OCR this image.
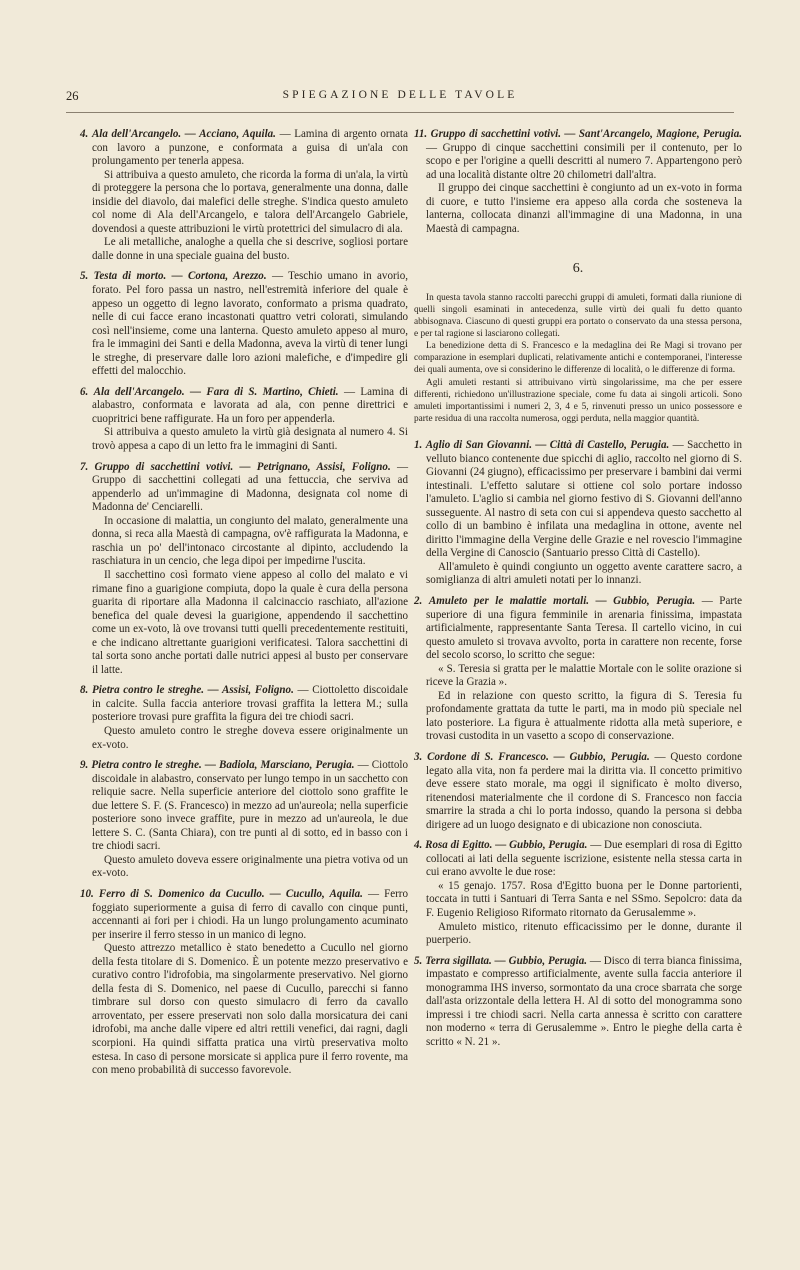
26	SPIEGAZIONE DELLE TAVOLE

4. Ala dell'Arcangelo. — Acciano, Aquila. — Lamina di argento ornata con lavoro a punzone, e conformata a guisa di un'ala con prolungamento per tenerla appesa.

Si attribuiva a questo amuleto, che ricorda la forma di un'ala, la virtù di proteggere la persona che lo portava, generalmente una donna, dalle insidie del diavolo, dai malefici delle streghe. S'indica questo amuleto col nome di Ala dell'Arcangelo, e talora dell'Arcangelo Gabriele, dovendosi a queste attribuzioni le virtù protettrici del simulacro di ala.

Le ali metalliche, analoghe a quella che si descrive, sogliosi portare dalle donne in una speciale guaina del busto.

5. Testa di morto. — Cortona, Arezzo. — Teschio umano in avorio, forato. Pel foro passa un nastro, nell'estremità inferiore del quale è appeso un oggetto di legno lavorato, conformato a prisma quadrato, nelle di cui facce erano incastonati quattro vetri colorati, simulando così nell'insieme, come una lanterna. Questo amuleto appeso al muro, fra le immagini dei Santi e della Madonna, aveva la virtù di tener lungi le streghe, di preservare dalle loro azioni malefiche, e d'impedire gli effetti del malocchio.

6. Ala dell'Arcangelo. — Fara di S. Martino, Chieti. — Lamina di alabastro, conformata e lavorata ad ala, con penne direttrici e cuopritrici bene raffigurate. Ha un foro per appenderla.

Si attribuiva a questo amuleto la virtù già designata al numero 4. Si trovò appesa a capo di un letto fra le immagini di Santi.

7. Gruppo di sacchettini votivi. — Petrignano, Assisi, Foligno. — Gruppo di sacchettini collegati ad una fettuccia, che serviva ad appenderlo ad un'immagine di Madonna, designata col nome di Madonna de' Cenciarelli.

In occasione di malattia, un congiunto del malato, generalmente una donna, si reca alla Maestà di campagna, ov'è raffigurata la Madonna, e raschia un po' dell'intonaco circostante al dipinto, accludendo la raschiatura in un cencio, che lega dipoi per impedirne l'uscita.

Il sacchettino così formato viene appeso al collo del malato e vi rimane fino a guarigione compiuta, dopo la quale è cura della persona guarita di riportare alla Madonna il calcinaccio raschiato, all'azione benefica del quale devesi la guarigione, appendendo il sacchettino come un ex-voto, là ove trovansi tutti quelli precedentemente restituiti, e che indicano altrettante guarigioni verificatesi. Talora sacchettini di tal sorta sono anche portati dalle nutrici appesi al busto per conservare il latte.

8. Pietra contro le streghe. — Assisi, Foligno. — Ciottoletto discoidale in calcite. Sulla faccia anteriore trovasi graffita la lettera M.; sulla posteriore trovasi pure graffita la figura dei tre chiodi sacri.

Questo amuleto contro le streghe doveva essere originalmente un ex-voto.

9. Pietra contro le streghe. — Badiola, Marsciano, Perugia. — Ciottolo discoidale in alabastro, conservato per lungo tempo in un sacchetto con reliquie sacre. Nella superficie anteriore del ciottolo sono graffite le due lettere S. F. (S. Francesco) in mezzo ad un'aureola; nella superficie posteriore sono invece graffite, pure in mezzo ad un'aureola, le due lettere S. C. (Santa Chiara), con tre punti al di sotto, ed in basso con i tre chiodi sacri.

Questo amuleto doveva essere originalmente una pietra votiva od un ex-voto.

10. Ferro di S. Domenico da Cucullo. — Cucullo, Aquila. — Ferro foggiato superiormente a guisa di ferro di cavallo con cinque punti, accennanti ai fori per i chiodi. Ha un lungo prolungamento acuminato per inserire il ferro stesso in un manico di legno.

Questo attrezzo metallico è stato benedetto a Cucullo nel giorno della festa titolare di S. Domenico. È un potente mezzo preservativo e curativo contro l'idrofobia, ma singolarmente preservativo. Nel giorno della festa di S. Domenico, nel paese di Cucullo, parecchi si fanno timbrare sul dorso con questo simulacro di ferro da cavallo arroventato, per essere preservati non solo dalla morsicatura dei cani idrofobi, ma anche dalle vipere ed altri rettili venefici, dai ragni, dagli scorpioni. Ha quindi siffatta pratica una virtù preservativa molto estesa. In caso di persone morsicate si applica pure il ferro rovente, ma con meno probabilità di successo favorevole.

11. Gruppo di sacchettini votivi. — Sant'Arcangelo, Magione, Perugia. — Gruppo di cinque sacchettini consimili per il contenuto, per lo scopo e per l'origine a quelli descritti al numero 7. Appartengono però ad una località distante oltre 20 chilometri dall'altra.

Il gruppo dei cinque sacchettini è congiunto ad un ex-voto in forma di cuore, e tutto l'insieme era appeso alla corda che sosteneva la lanterna, collocata dinanzi all'immagine di una Madonna, in una Maestà di campagna.

6.

In questa tavola stanno raccolti parecchi gruppi di amuleti, formati dalla riunione di quelli singoli esaminati in antecedenza, sulle virtù dei quali fu detto quanto abbisognava. Ciascuno di questi gruppi era portato o conservato da una stessa persona, e per tal ragione si lasciarono collegati.

La benedizione detta di S. Francesco e la medaglina dei Re Magi si trovano per comparazione in esemplari duplicati, relativamente antichi e contemporanei, l'interesse dei quali aumenta, ove si considerino le differenze di località, o le differenze di forma.

Agli amuleti restanti si attribuivano virtù singolarissime, ma che per essere differenti, richiedono un'illustrazione speciale, come fu data ai singoli articoli. Sono amuleti importantissimi i numeri 2, 3, 4 e 5, rinvenuti presso un unico possessore e parte residua di una raccolta numerosa, oggi perduta, nella maggior quantità.

1. Aglio di San Giovanni. — Città di Castello, Perugia. — Sacchetto in velluto bianco contenente due spicchi di aglio, raccolto nel giorno di S. Giovanni (24 giugno), efficacissimo per preservare i bambini dai vermi intestinali. L'effetto salutare si ottiene col solo portare indosso l'amuleto. L'aglio si cambia nel giorno festivo di S. Giovanni dell'anno susseguente. Al nastro di seta con cui si appendeva questo sacchetto al collo di un bambino è infilata una medaglina in ottone, avente nel diritto l'immagine della Vergine delle Grazie e nel rovescio l'immagine della Vergine di Canoscio (Santuario presso Città di Castello).

All'amuleto è quindi congiunto un oggetto avente carattere sacro, a somiglianza di altri amuleti notati per lo innanzi.

2. Amuleto per le malattie mortali. — Gubbio, Perugia. — Parte superiore di una figura femminile in arenaria finissima, impastata artificialmente, rappresentante Santa Teresa. Il cartello vicino, in cui questo amuleto si trovava avvolto, porta in carattere non recente, forse del secolo scorso, lo scritto che segue:

« S. Teresia si gratta per le malattie Mortale con le solite orazione si riceve la Grazia ».

Ed in relazione con questo scritto, la figura di S. Teresia fu profondamente grattata da tutte le parti, ma in modo più speciale nel lato posteriore. La figura è attualmente ridotta alla metà superiore, e trovasi custodita in un vasetto a scopo di conservazione.

3. Cordone di S. Francesco. — Gubbio, Perugia. — Questo cordone legato alla vita, non fa perdere mai la diritta via. Il concetto primitivo deve essere stato morale, ma oggi il significato è molto diverso, ritenendosi materialmente che il cordone di S. Francesco non faccia smarrire la strada a chi lo porta indosso, quando la persona si debba dirigere ad un luogo designato e di ubicazione non conosciuta.

4. Rosa di Egitto. — Gubbio, Perugia. — Due esemplari di rosa di Egitto collocati ai lati della seguente iscrizione, esistente nella stessa carta in cui erano avvolte le due rose:

« 15 genajo. 1757. Rosa d'Egitto buona per le Donne partorienti, toccata in tutti i Santuari di Terra Santa e nel SSmo. Sepolcro: data da F. Eugenio Religioso Riformato ritornato da Gerusalemme ».

Amuleto mistico, ritenuto efficacissimo per le donne, durante il puerperio.

5. Terra sigillata. — Gubbio, Perugia. — Disco di terra bianca finissima, impastato e compresso artificialmente, avente sulla faccia anteriore il monogramma IHS inverso, sormontato da una croce sbarrata che sorge dall'asta orizzontale della lettera H. Al di sotto del monogramma sono impressi i tre chiodi sacri. Nella carta annessa è scritto con carattere non moderno « terra di Gerusalemme ». Entro le pieghe della carta è scritto « N. 21 ».
